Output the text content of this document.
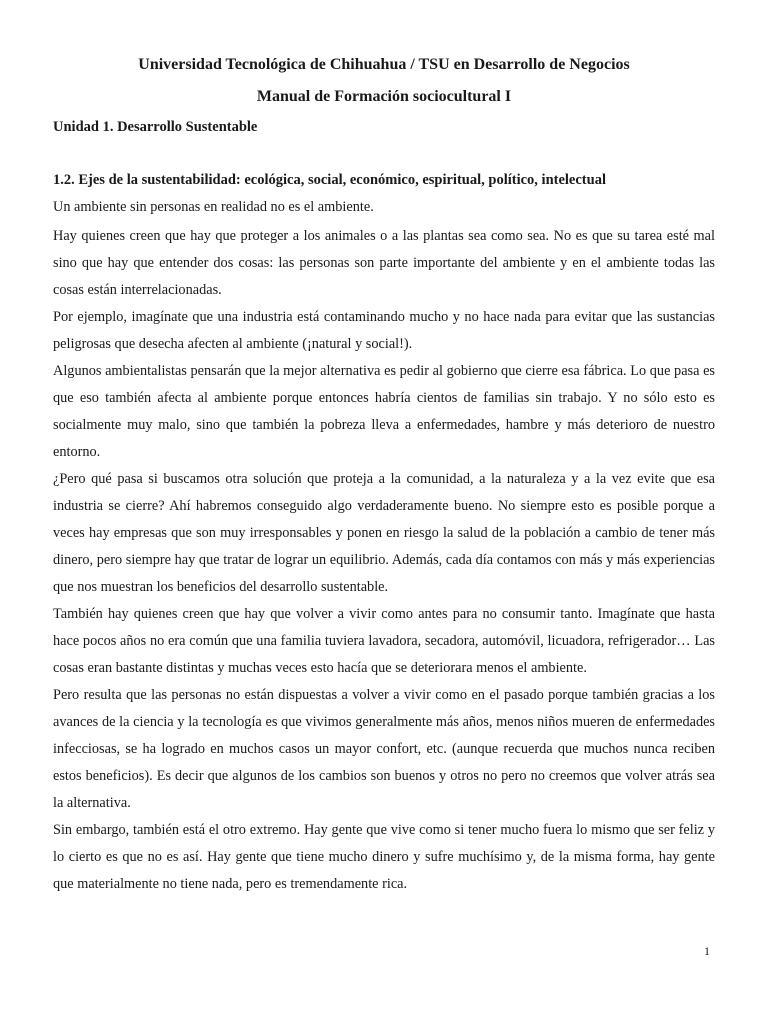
Universidad Tecnológica de Chihuahua / TSU en Desarrollo de Negocios
Manual de Formación sociocultural I
Unidad 1. Desarrollo Sustentable
1.2. Ejes de la sustentabilidad: ecológica, social, económico, espiritual, político, intelectual

Un ambiente sin personas en realidad no es el ambiente.

Hay quienes creen que hay que proteger a los animales o a las plantas sea como sea. No es que su tarea esté mal sino que hay que entender dos cosas: las personas son parte importante del ambiente y en el ambiente todas las cosas están interrelacionadas.

Por ejemplo, imagínate que una industria está contaminando mucho y no hace nada para evitar que las sustancias peligrosas que desecha afecten al ambiente (¡natural y social!).

Algunos ambientalistas pensarán que la mejor alternativa es pedir al gobierno que cierre esa fábrica. Lo que pasa es que eso también afecta al ambiente porque entonces habría cientos de familias sin trabajo. Y no sólo esto es socialmente muy malo, sino que también la pobreza lleva a enfermedades, hambre y más deterioro de nuestro entorno.

¿Pero qué pasa si buscamos otra solución que proteja a la comunidad, a la naturaleza y a la vez evite que esa industria se cierre? Ahí habremos conseguido algo verdaderamente bueno. No siempre esto es posible porque a veces hay empresas que son muy irresponsables y ponen en riesgo la salud de la población a cambio de tener más dinero, pero siempre hay que tratar de lograr un equilibrio. Además, cada día contamos con más y más experiencias que nos muestran los beneficios del desarrollo sustentable.

También hay quienes creen que hay que volver a vivir como antes para no consumir tanto. Imagínate que hasta hace pocos años no era común que una familia tuviera lavadora, secadora, automóvil, licuadora, refrigerador… Las cosas eran bastante distintas y muchas veces esto hacía que se deteriorara menos el ambiente.

Pero resulta que las personas no están dispuestas a volver a vivir como en el pasado porque también gracias a los avances de la ciencia y la tecnología es que vivimos generalmente más años, menos niños mueren de enfermedades infecciosas, se ha logrado en muchos casos un mayor confort, etc. (aunque recuerda que muchos nunca reciben estos beneficios). Es decir que algunos de los cambios son buenos y otros no pero no creemos que volver atrás sea la alternativa.

Sin embargo, también está el otro extremo. Hay gente que vive como si tener mucho fuera lo mismo que ser feliz y lo cierto es que no es así. Hay gente que tiene mucho dinero y sufre muchísimo y, de la misma forma, hay gente que materialmente no tiene nada, pero es tremendamente rica.

1
